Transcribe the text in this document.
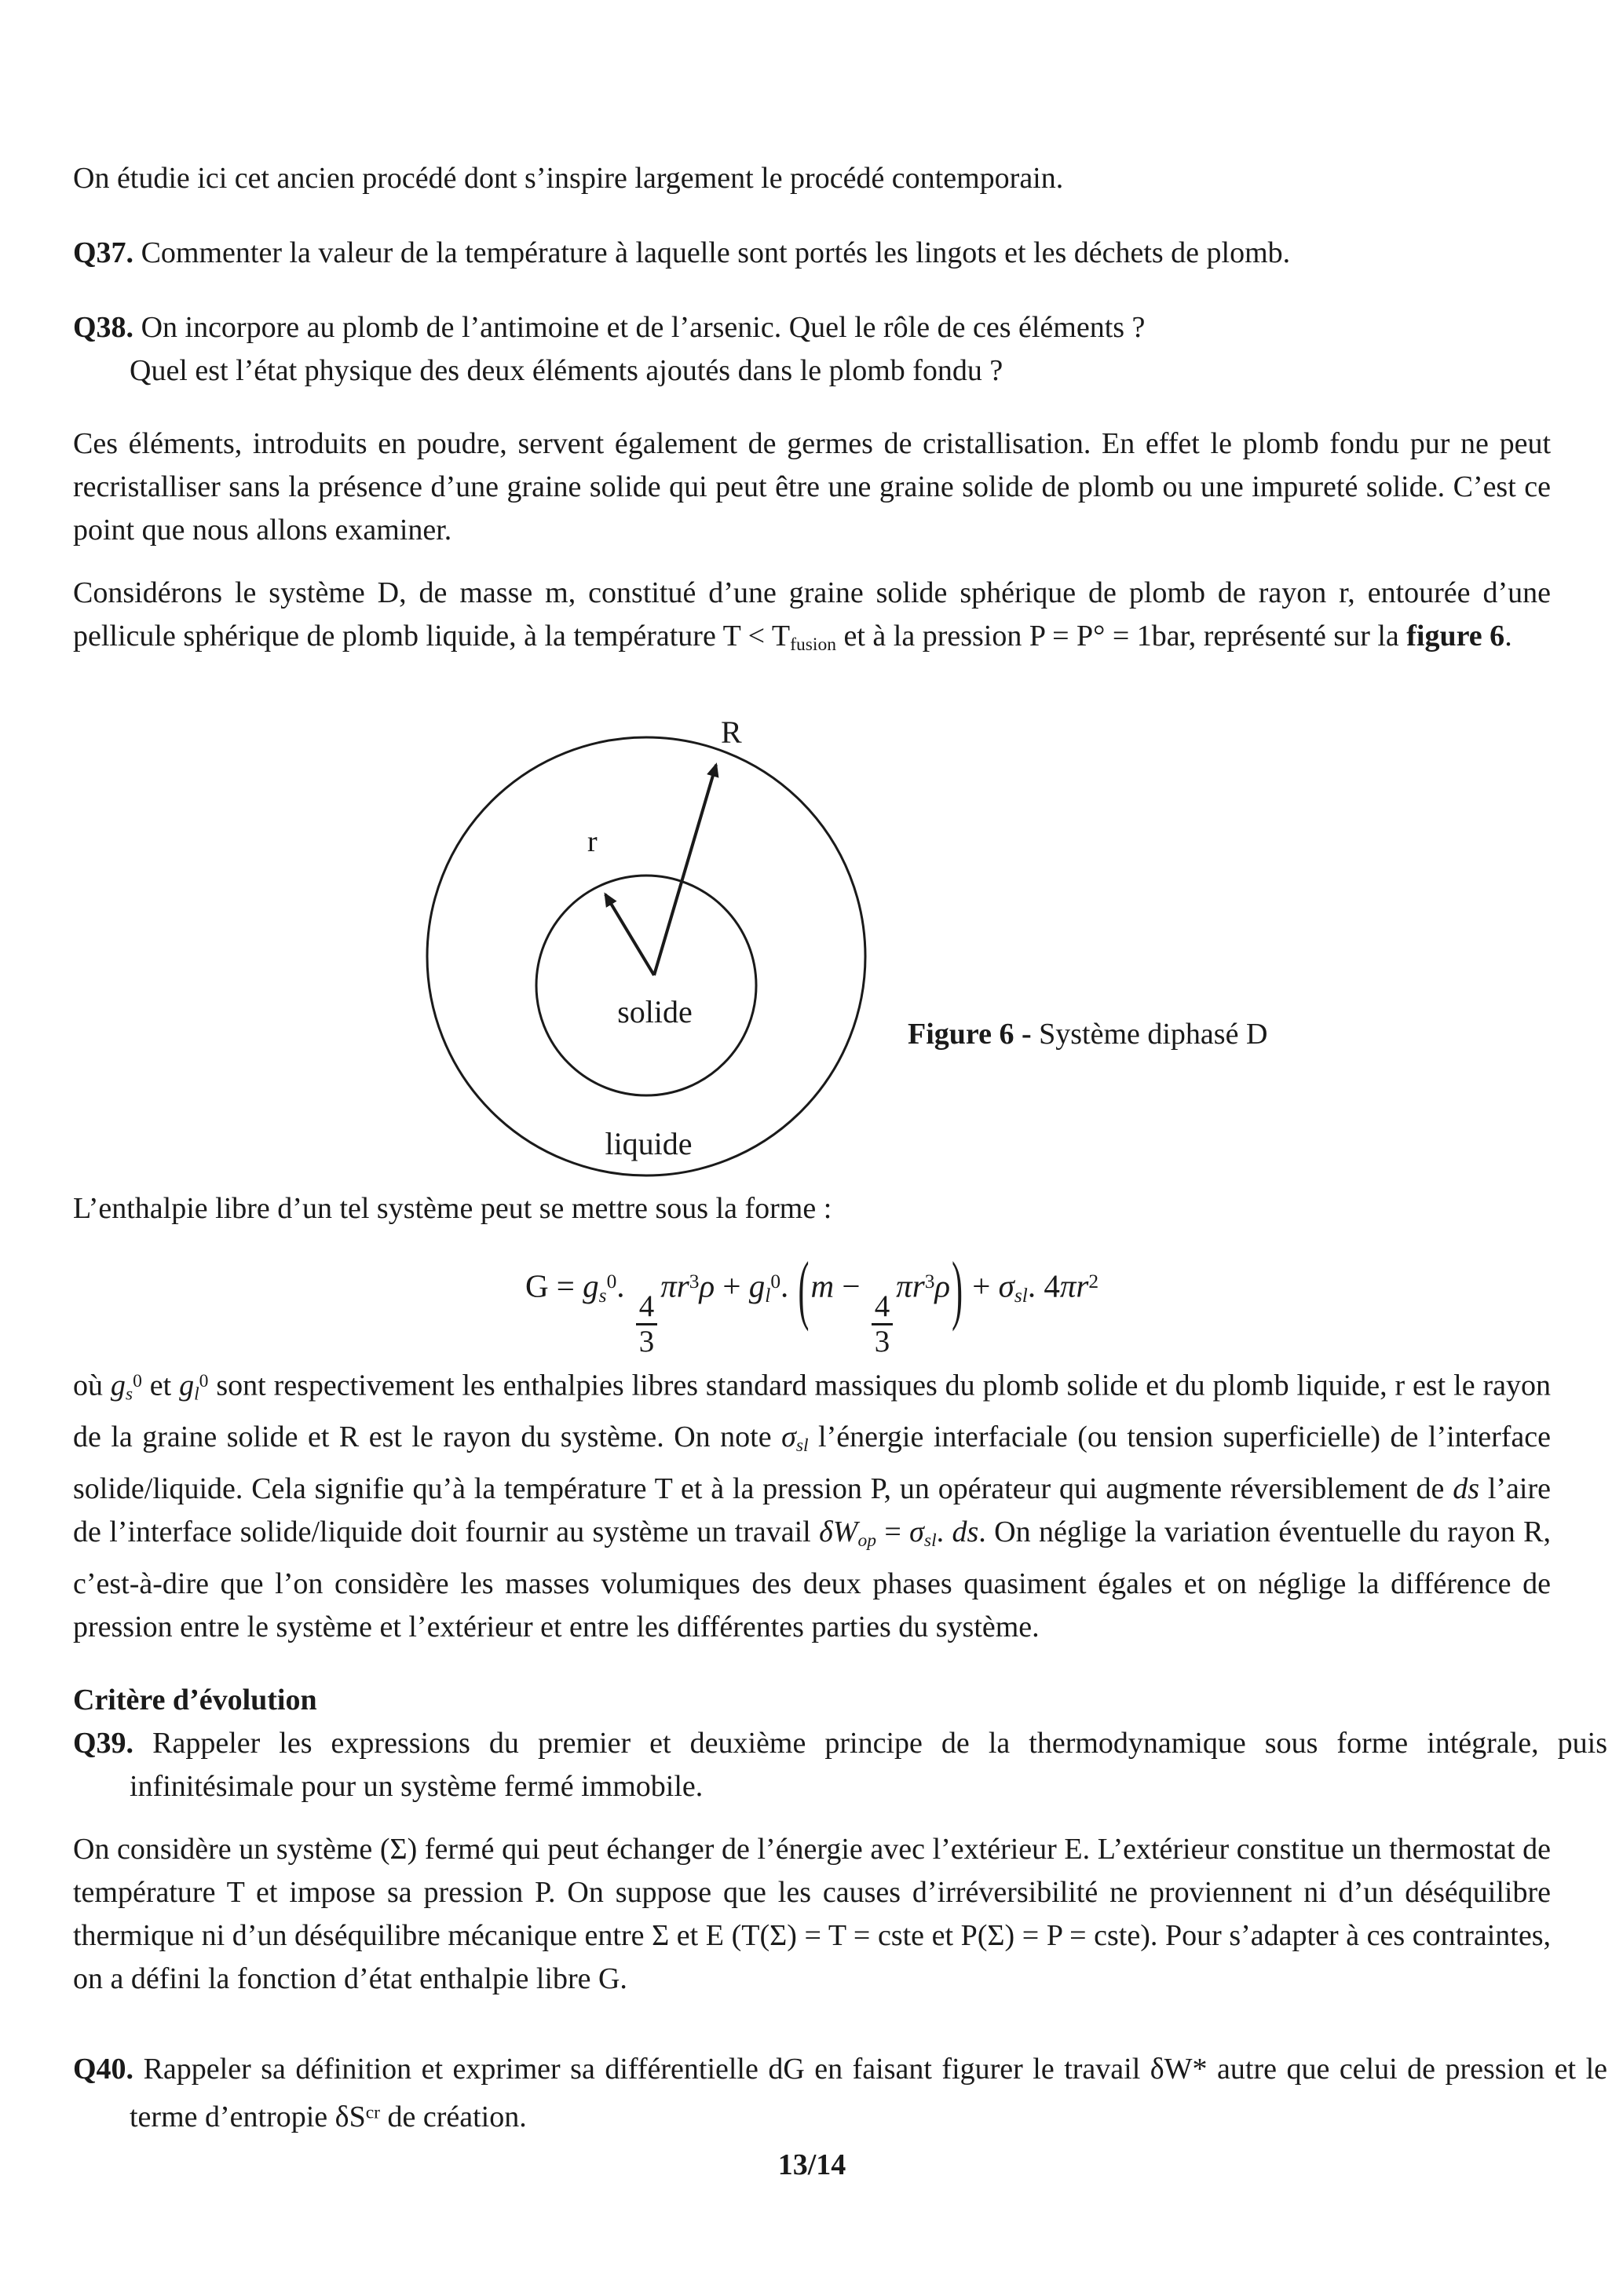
On étudie ici cet ancien procédé dont s’inspire largement le procédé contemporain.

Q37. Commenter la valeur de la température à laquelle sont portés les lingots et les déchets de plomb.

Q38. On incorpore au plomb de l’antimoine et de l’arsenic. Quel le rôle de ces éléments ?
Quel est l’état physique des deux éléments ajoutés dans le plomb fondu ?

Ces éléments, introduits en poudre, servent également de germes de cristallisation. En effet le plomb fondu pur ne peut recristalliser sans la présence d’une graine solide qui peut être une graine solide de plomb ou une impureté solide. C’est ce point que nous allons examiner.

Considérons le système D, de masse m, constitué d’une graine solide sphérique de plomb de rayon r, entourée d’une pellicule sphérique de plomb liquide, à la température $T < T_{fusion}$ et à la pression P = P° = 1bar, représenté sur la figure 6.

R
r
solide
liquide

Figure 6 - Système diphasé D

L’enthalpie libre d’un tel système peut se mettre sous la forme :

$G = g_s^0$.
$\frac{4}{3}$
$\pi r^3\rho + g_l^0$. (m −
$\frac{4}{3}$
$\pi r^3\rho) + \sigma_{sl}$. $4\pi r^2$

où $g_s^0$ et $g_l^0$ sont respectivement les enthalpies libres standard massiques du plomb solide et du plomb liquide, r est le rayon de la graine solide et R est le rayon du système. On note $\sigma_{sl}$ l’énergie interfaciale (ou tension superficielle) de l’interface solide/liquide. Cela signifie qu’à la température T et à la pression P, un opérateur qui augmente réversiblement de ds l’aire de l’interface solide/liquide doit fournir au système un travail $\delta W_{op} = \sigma_{sl}$. ds. On néglige la variation éventuelle du rayon R, c’est-à-dire que l’on considère les masses volumiques des deux phases quasiment égales et on néglige la différence de pression entre le système et l’extérieur et entre les différentes parties du système.

Critère d’évolution

Q39. Rappeler les expressions du premier et deuxième principe de la thermodynamique sous forme intégrale, puis infinitésimale pour un système fermé immobile.

On considère un système (Σ) fermé qui peut échanger de l’énergie avec l’extérieur E. L’extérieur constitue un thermostat de température T et impose sa pression P. On suppose que les causes d’irréversibilité ne proviennent ni d’un déséquilibre thermique ni d’un déséquilibre mécanique entre Σ et E (T(Σ) = T = cste et P(Σ) = P = cste). Pour s’adapter à ces contraintes, on a défini la fonction d’état enthalpie libre G.

Q40. Rappeler sa définition et exprimer sa différentielle dG en faisant figurer le travail δW* autre que celui de pression et le terme d’entropie $\delta S^{cr}$ de création.

13/14
